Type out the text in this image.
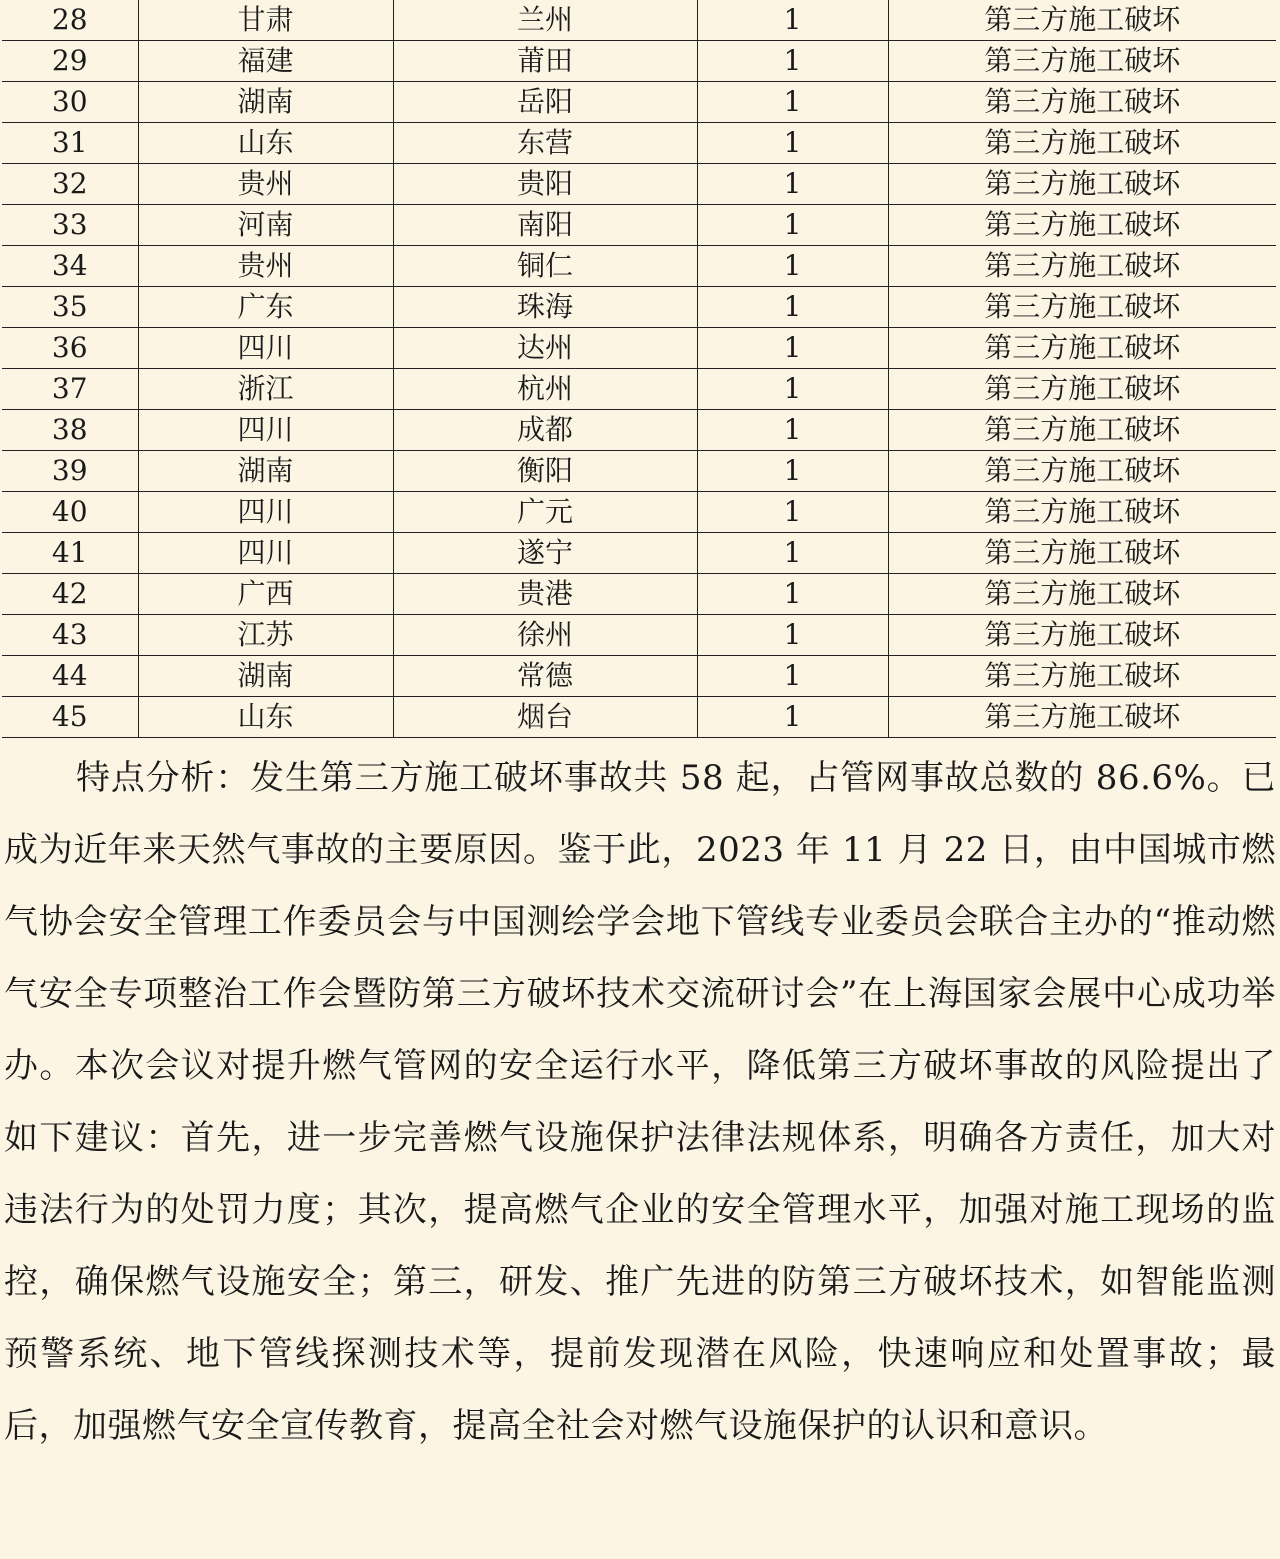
28	甘肃	兰州	1	第三方施工破坏
29	福建	莆田	1	第三方施工破坏
30	湖南	岳阳	1	第三方施工破坏
31	山东	东营	1	第三方施工破坏
32	贵州	贵阳	1	第三方施工破坏
33	河南	南阳	1	第三方施工破坏
34	贵州	铜仁	1	第三方施工破坏
35	广东	珠海	1	第三方施工破坏
36	四川	达州	1	第三方施工破坏
37	浙江	杭州	1	第三方施工破坏
38	四川	成都	1	第三方施工破坏
39	湖南	衡阳	1	第三方施工破坏
40	四川	广元	1	第三方施工破坏
41	四川	遂宁	1	第三方施工破坏
42	广西	贵港	1	第三方施工破坏
43	江苏	徐州	1	第三方施工破坏
44	湖南	常德	1	第三方施工破坏
45	山东	烟台	1	第三方施工破坏

特点分析：发生第三方施工破坏事故共 58 起，占管网事故总数的 86.6%。已成为近年来天然气事故的主要原因。鉴于此，2023 年 11 月 22 日，由中国城市燃气协会安全管理工作委员会与中国测绘学会地下管线专业委员会联合主办的“推动燃气安全专项整治工作会暨防第三方破坏技术交流研讨会”在上海国家会展中心成功举办。本次会议对提升燃气管网的安全运行水平，降低第三方破坏事故的风险提出了如下建议：首先，进一步完善燃气设施保护法律法规体系，明确各方责任，加大对违法行为的处罚力度；其次，提高燃气企业的安全管理水平，加强对施工现场的监控，确保燃气设施安全；第三，研发、推广先进的防第三方破坏技术，如智能监测预警系统、地下管线探测技术等，提前发现潜在风险，快速响应和处置事故；最后，加强燃气安全宣传教育，提高全社会对燃气设施保护的认识和意识。
